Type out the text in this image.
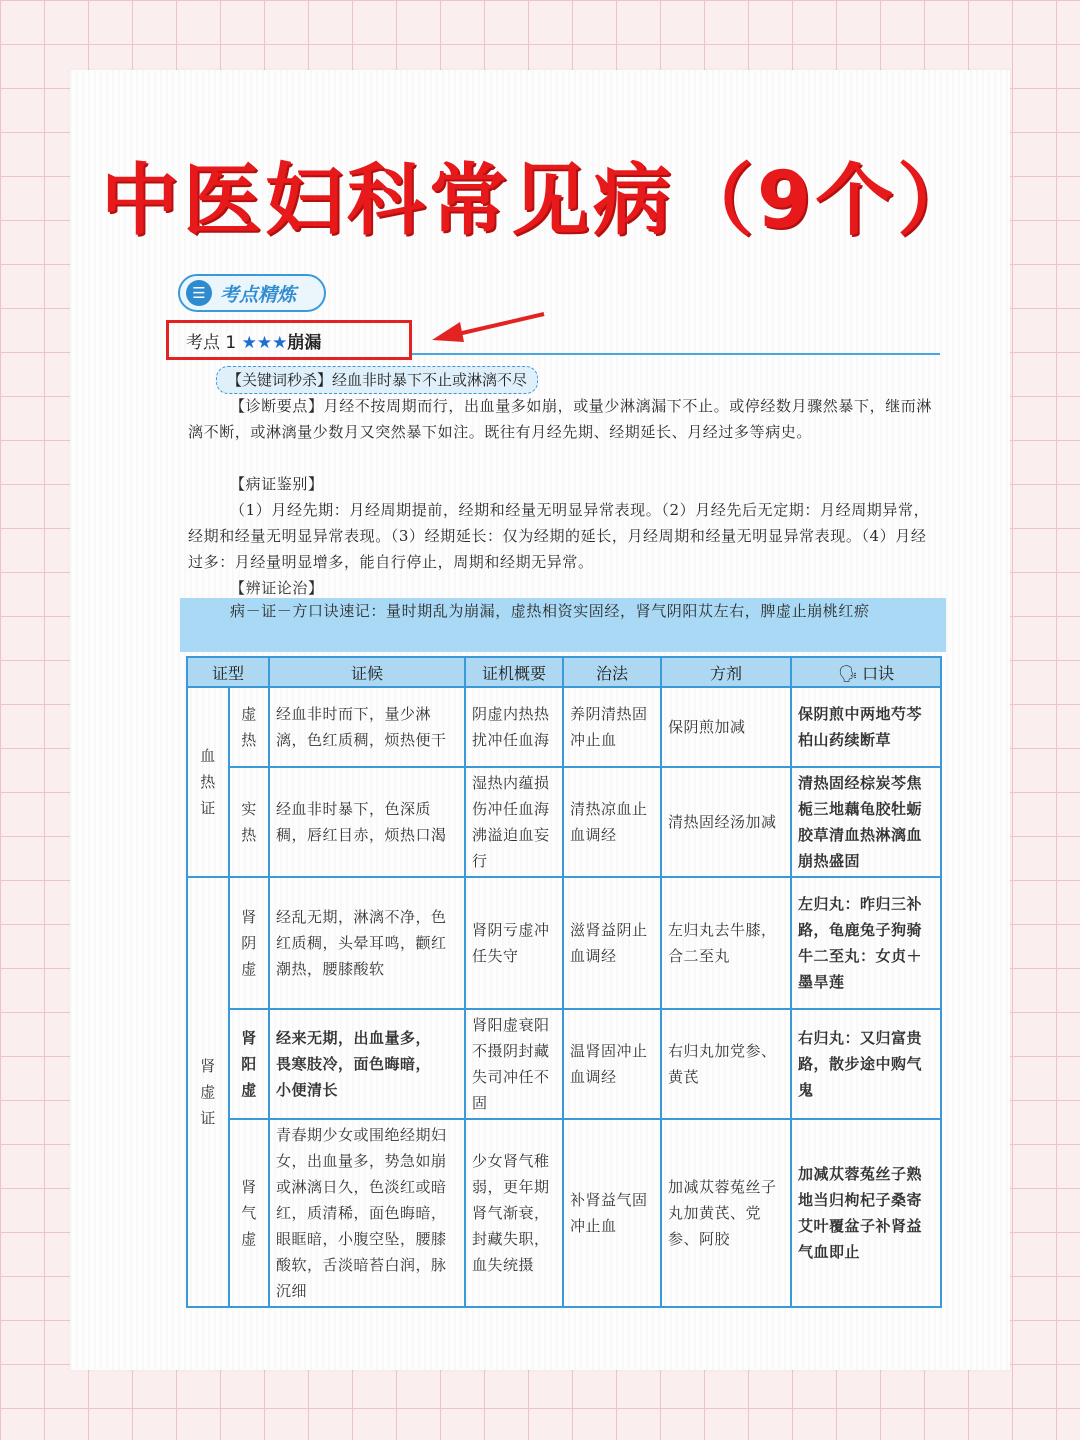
中医妇科常见病（9个）
☰ 考点精炼
考点 1 ★★★崩漏
【关键词秒杀】经血非时暴下不止或淋漓不尽
【诊断要点】月经不按周期而行，出血量多如崩，或量少淋漓漏下不止。或停经数月骤然暴下，继而淋漓不断，或淋漓量少数月又突然暴下如注。既往有月经先期、经期延长、月经过多等病史。
【病证鉴别】
（1）月经先期：月经周期提前，经期和经量无明显异常表现。（2）月经先后无定期：月经周期异常，经期和经量无明显异常表现。（3）经期延长：仅为经期的延长，月经周期和经量无明显异常表现。（4）月经过多：月经量明显增多，能自行停止，周期和经期无异常。
【辨证论治】
病－证－方口诀速记：量时期乱为崩漏，虚热相资实固经，肾气阴阳苁左右，脾虚止崩桃红瘀
证型		证候	证机概要	治法	方剂	🗣 口诀

血
热
证	虚
热	经血非时而下，量少淋漓，色红质稠，烦热便干	阴虚内热热扰冲任血海	养阴清热固冲止血	保阴煎加减	保阴煎中两地芍芩柏山药续断草

	实
热	经血非时暴下，色深质稠，唇红目赤，烦热口渴	湿热内蕴损伤冲任血海沸溢迫血妄行	清热凉血止血调经	清热固经汤加减	清热固经棕炭芩焦栀三地藕龟胶牡蛎胶草清血热淋漓血崩热盛固

肾
虚
证	肾
阴
虚	经乱无期，淋漓不净，色红质稠，头晕耳鸣，颧红潮热，腰膝酸软	肾阴亏虚冲任失守	滋肾益阴止血调经	左归丸去牛膝，合二至丸	左归丸：昨归三补路，龟鹿兔子狗骑牛二至丸：女贞＋墨旱莲

	肾
阳
虚	经来无期，出血量多，
畏寒肢冷，面色晦暗，
小便清长	肾阳虚衰阳不摄阴封藏失司冲任不固	温肾固冲止血调经	右归丸加党参、黄芪	右归丸：又归富贵路，散步途中购气鬼

	肾
气
虚	青春期少女或围绝经期妇女，出血量多，势急如崩或淋漓日久，色淡红或暗红，质清稀，面色晦暗，眼眶暗，小腹空坠，腰膝酸软，舌淡暗苔白润，脉沉细	少女肾气稚弱，更年期肾气渐衰，封藏失职，血失统摄	补肾益气固冲止血	加减苁蓉菟丝子丸加黄芪、党参、阿胶	加减苁蓉菟丝子熟地当归枸杞子桑寄艾叶覆盆子补肾益气血即止
